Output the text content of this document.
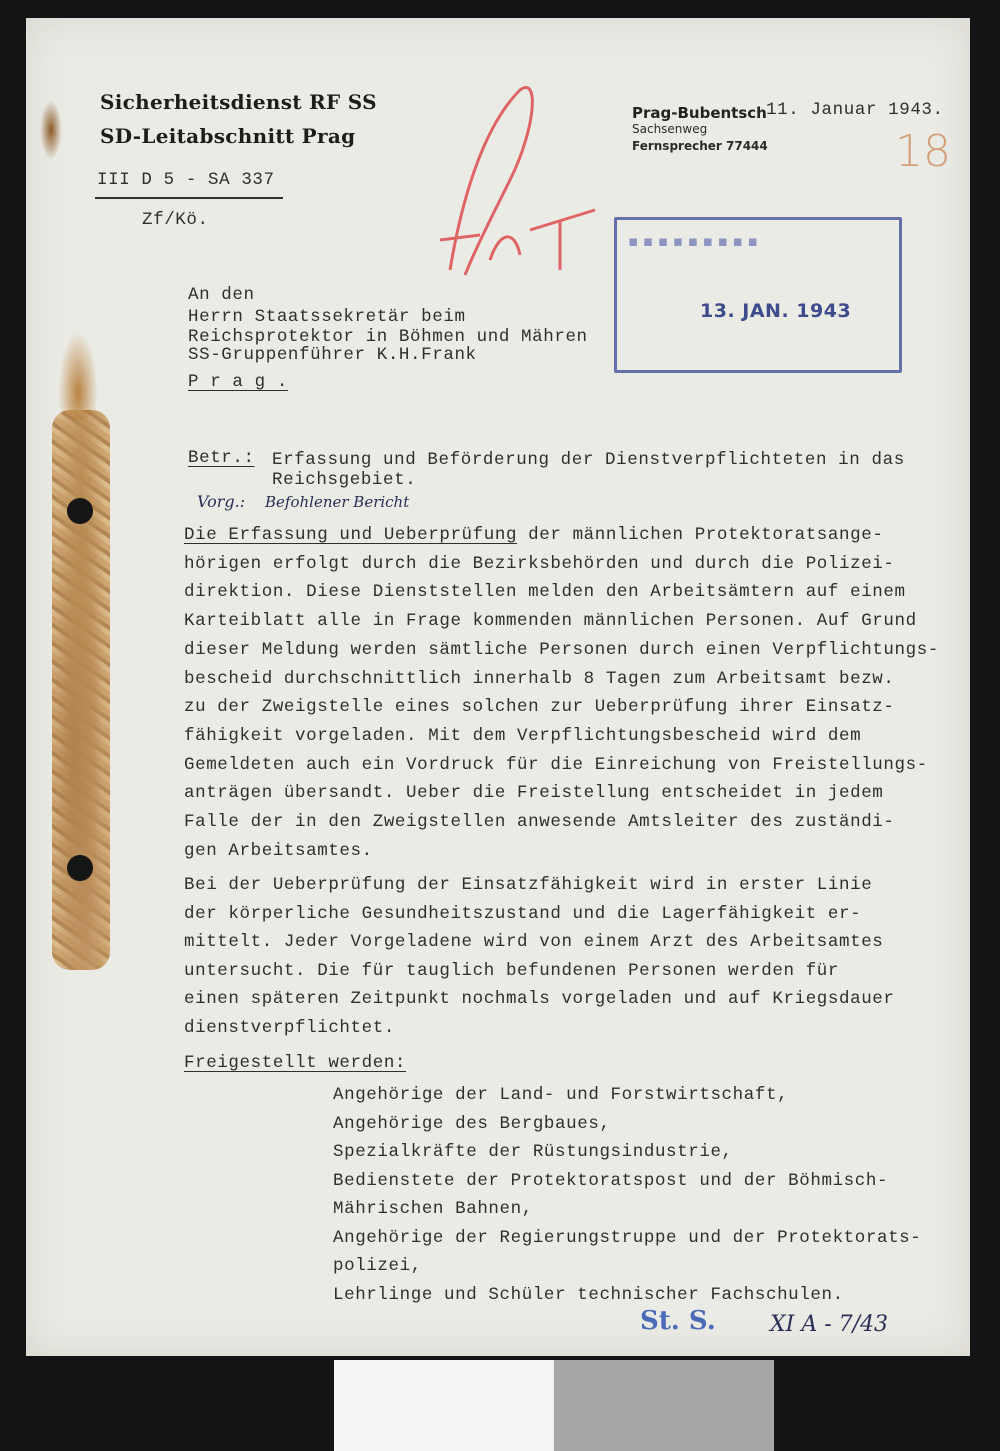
Sicherheitsdienst RF SS
SD-Leitabschnitt Prag
III D 5 - SA 337
Zf/Kö.
Prag-Bubentsch
Sachsenweg
Fernsprecher 77444
11. Januar 1943.
18
▪ ▪ ▪ ▪ ▪ ▪ ▪ ▪ ▪
13. JAN. 1943
An den
Herrn Staatssekretär beim
Reichsprotektor in Böhmen und Mähren
SS-Gruppenführer K.H.Frank
P r a g .
Betr.: Erfassung und Beförderung der Dienstverpflichteten in das
Reichsgebiet.
Vorg.: Befohlener Bericht
Die Erfassung und Ueberprüfung der männlichen Protektoratsange-
hörigen erfolgt durch die Bezirksbehörden und durch die Polizei-
direktion. Diese Dienststellen melden den Arbeitsämtern auf einem
Karteiblatt alle in Frage kommenden männlichen Personen. Auf Grund
dieser Meldung werden sämtliche Personen durch einen Verpflichtungs-
bescheid durchschnittlich innerhalb 8 Tagen zum Arbeitsamt bezw.
zu der Zweigstelle eines solchen zur Ueberprüfung ihrer Einsatz-
fähigkeit vorgeladen. Mit dem Verpflichtungsbescheid wird dem
Gemeldeten auch ein Vordruck für die Einreichung von Freistellungs-
anträgen übersandt. Ueber die Freistellung entscheidet in jedem
Falle der in den Zweigstellen anwesende Amtsleiter des zuständi-
gen Arbeitsamtes.
Bei der Ueberprüfung der Einsatzfähigkeit wird in erster Linie
der körperliche Gesundheitszustand und die Lagerfähigkeit er-
mittelt. Jeder Vorgeladene wird von einem Arzt des Arbeitsamtes
untersucht. Die für tauglich befundenen Personen werden für
einen späteren Zeitpunkt nochmals vorgeladen und auf Kriegsdauer
dienstverpflichtet.
Freigestellt werden:
Angehörige der Land- und Forstwirtschaft,
Angehörige des Bergbaues,
Spezialkräfte der Rüstungsindustrie,
Bedienstete der Protektoratspost und der Böhmisch-
Mährischen Bahnen,
Angehörige der Regierungstruppe und der Protektorats-
polizei,
Lehrlinge und Schüler technischer Fachschulen.
St. S. XI A - 7/43
